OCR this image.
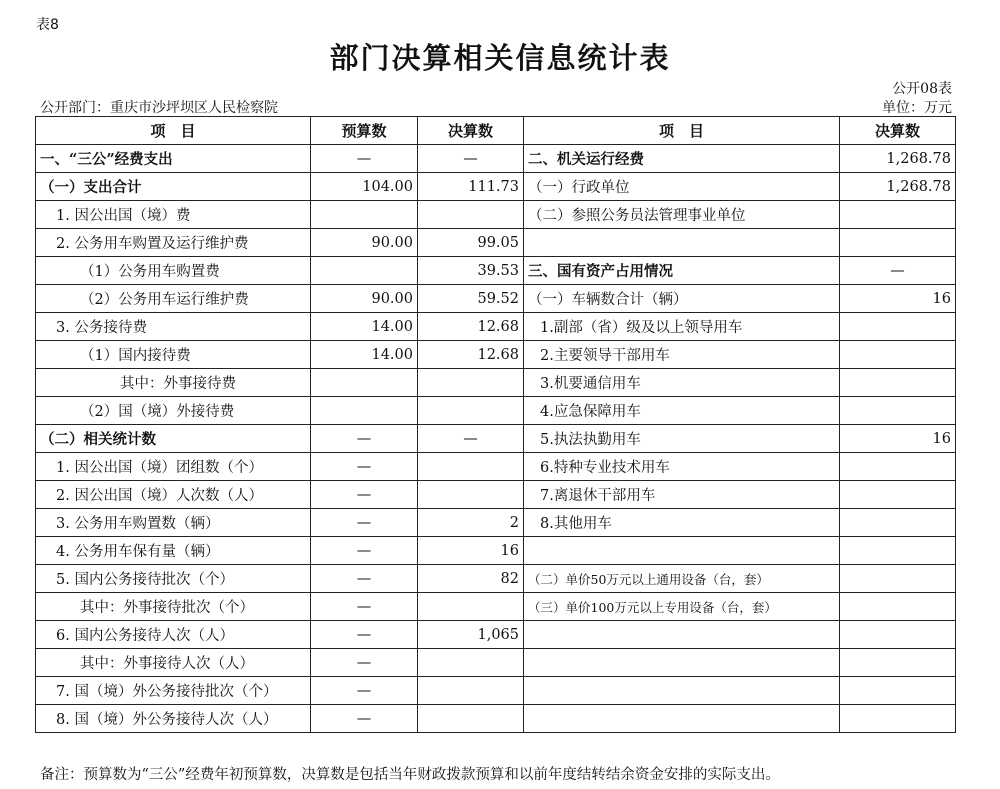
表8
部门决算相关信息统计表
公开08表
公开部门：重庆市沙坪坝区人民检察院	单位：万元
项　目	预算数	决算数	项　目	决算数
一、“三公”经费支出	—	—	二、机关运行经费	1,268.78
（一）支出合计	104.00	111.73	（一）行政单位	1,268.78
1. 因公出国（境）费			（二）参照公务员法管理事业单位	
2. 公务用车购置及运行维护费	90.00	99.05		
（1）公务用车购置费		39.53	三、国有资产占用情况	—
（2）公务用车运行维护费	90.00	59.52	（一）车辆数合计（辆）	16
3. 公务接待费	14.00	12.68	1.副部（省）级及以上领导用车	
（1）国内接待费	14.00	12.68	2.主要领导干部用车	
其中：外事接待费			3.机要通信用车	
（2）国（境）外接待费			4.应急保障用车	
（二）相关统计数	—	—	5.执法执勤用车	16
1. 因公出国（境）团组数（个）	—		6.特种专业技术用车	
2. 因公出国（境）人次数（人）	—		7.离退休干部用车	
3. 公务用车购置数（辆）	—	2	8.其他用车	
4. 公务用车保有量（辆）	—	16		
5. 国内公务接待批次（个）	—	82	（二）单价50万元以上通用设备（台，套）	
其中：外事接待批次（个）	—		（三）单价100万元以上专用设备（台，套）	
6. 国内公务接待人次（人）	—	1,065		
其中：外事接待人次（人）	—			
7. 国（境）外公务接待批次（个）	—			
8. 国（境）外公务接待人次（人）	—			
备注：预算数为“三公”经费年初预算数，决算数是包括当年财政拨款预算和以前年度结转结余资金安排的实际支出。
